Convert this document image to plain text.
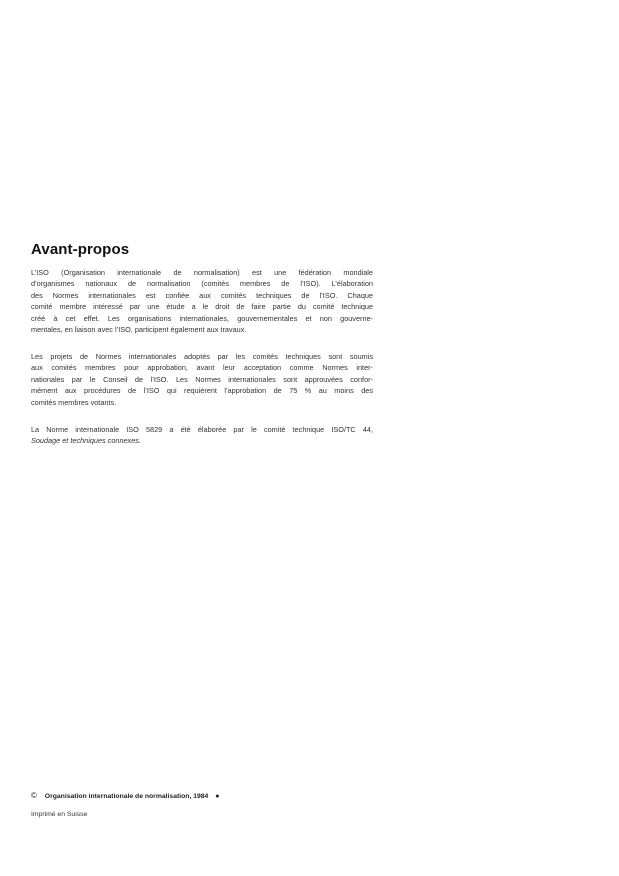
Avant-propos
L’ISO (Organisation internationale de normalisation) est une fédération mondiale
d’organismes nationaux de normalisation (comités membres de l’ISO). L’élaboration
des Normes internationales est confiée aux comités techniques de l’ISO. Chaque
comité membre intéressé par une étude a le droit de faire partie du comité technique
créé à cet effet. Les organisations internationales, gouvernementales et non gouverne-
mentales, en liaison avec l’ISO, participent également aux travaux.
Les projets de Normes internationales adoptés par les comités techniques sont soumis
aux comités membres pour approbation, avant leur acceptation comme Normes inter-
nationales par le Conseil de l’ISO. Les Normes internationales sont approuvées confor-
mément aux procédures de l’ISO qui requièrent l’approbation de 75 % au moins des
comités membres votants.
La Norme internationale ISO 5829 a été élaborée par le comité technique ISO/TC 44,
Soudage et techniques connexes.
© Organisation internationale de normalisation, 1984 ●
Imprimé en Suisse
